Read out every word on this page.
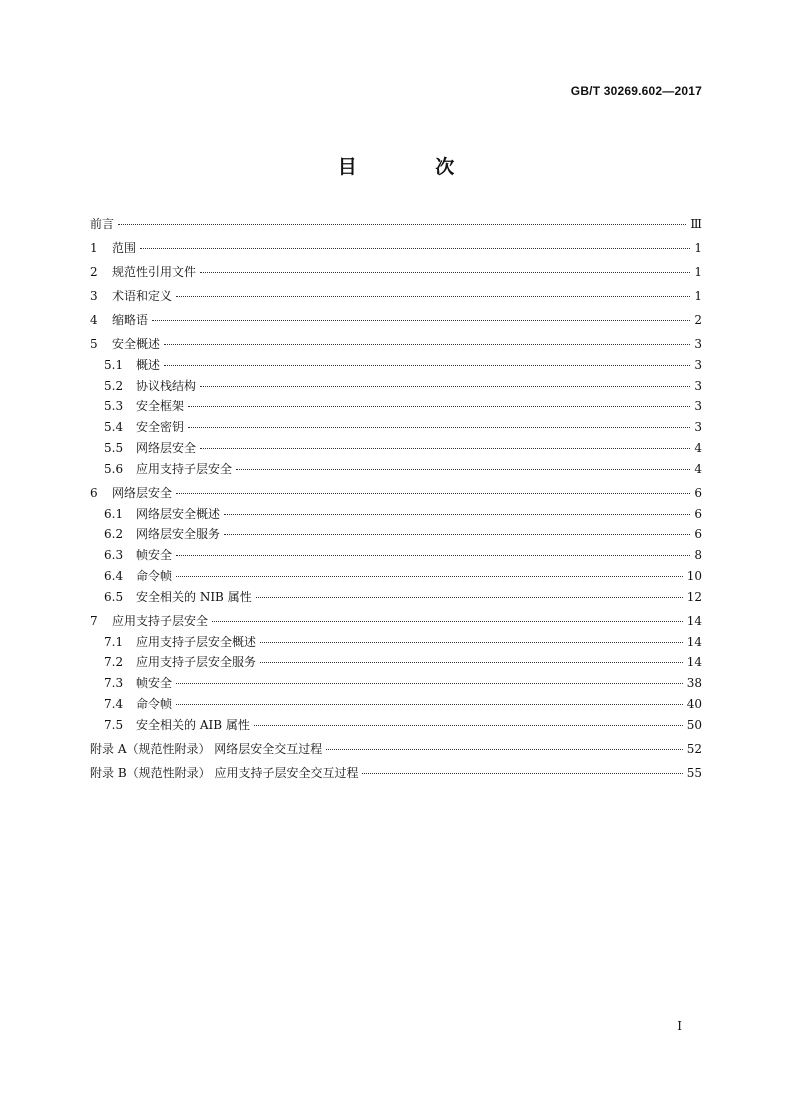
GB/T 30269.602—2017
目 次
前言	Ⅲ
1	范围	1
2	规范性引用文件	1
3	术语和定义	1
4	缩略语	2
5	安全概述	3
5.1	概述	3
5.2	协议栈结构	3
5.3	安全框架	3
5.4	安全密钥	3
5.5	网络层安全	4
5.6	应用支持子层安全	4
6	网络层安全	6
6.1	网络层安全概述	6
6.2	网络层安全服务	6
6.3	帧安全	8
6.4	命令帧	10
6.5	安全相关的 NIB 属性	12
7	应用支持子层安全	14
7.1	应用支持子层安全概述	14
7.2	应用支持子层安全服务	14
7.3	帧安全	38
7.4	命令帧	40
7.5	安全相关的 AIB 属性	50
附录 A（规范性附录） 网络层安全交互过程	52
附录 B（规范性附录） 应用支持子层安全交互过程	55
Ⅰ
